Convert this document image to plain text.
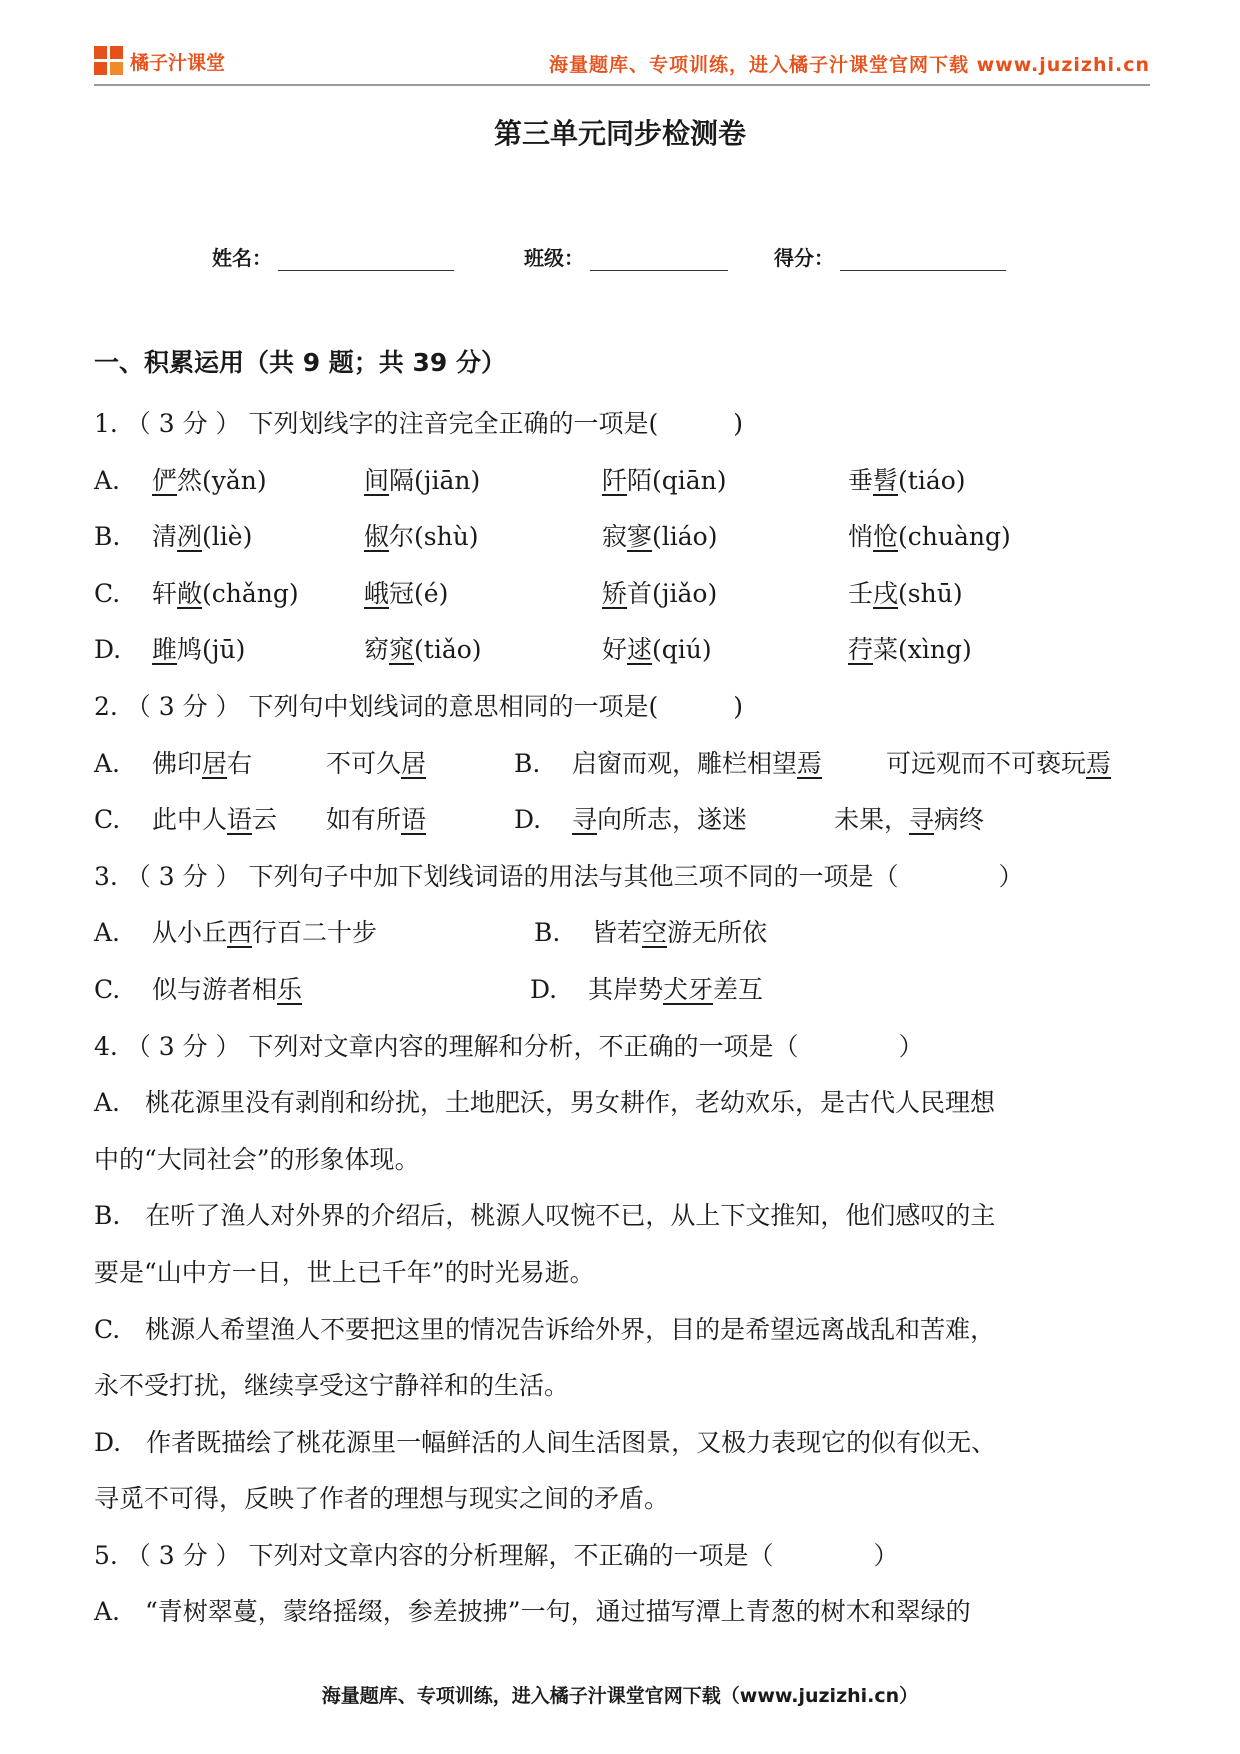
橘子汁课堂	海量题库、专项训练，进入橘子汁课堂官网下载 www.juzizhi.cn
第三单元同步检测卷
姓名：	班级：	得分：
一、积累运用（共 9 题；共 39 分）
1. （ 3 分 ） 下列划线字的注音完全正确的一项是(　　　)
A. 俨然(yǎn)	间隔(jiān)	阡陌(qiān)	垂髫(tiáo)
B. 清冽(liè)	俶尔(shù)	寂寥(liáo)	悄怆(chuàng)
C. 轩敞(chǎng)	峨冠(é)	矫首(jiǎo)	壬戌(shū)
D. 雎鸠(jū)	窈窕(tiǎo)	好逑(qiú)	荇菜(xìng)
2. （ 3 分 ） 下列句中划线词的意思相同的一项是(　　　)
A. 佛印居右	不可久居	B. 启窗而观，雕栏相望焉	可远观而不可亵玩焉
C. 此中人语云 如有所语	D. 寻向所志，遂迷	未果，寻病终
3. （ 3 分 ） 下列句子中加下划线词语的用法与其他三项不同的一项是（　　　　）
A. 从小丘西行百二十步	B. 皆若空游无所依
C. 似与游者相乐	D. 其岸势犬牙差互
4. （ 3 分 ） 下列对文章内容的理解和分析，不正确的一项是（　　　　）
A.　桃花源里没有剥削和纷扰，土地肥沃，男女耕作，老幼欢乐，是古代人民理想
中的“大同社会”的形象体现。
B.　在听了渔人对外界的介绍后，桃源人叹惋不已，从上下文推知，他们感叹的主
要是“山中方一日，世上已千年”的时光易逝。
C.　桃源人希望渔人不要把这里的情况告诉给外界，目的是希望远离战乱和苦难，
永不受打扰，继续享受这宁静祥和的生活。
D.　作者既描绘了桃花源里一幅鲜活的人间生活图景，又极力表现它的似有似无、
寻觅不可得，反映了作者的理想与现实之间的矛盾。
5. （ 3 分 ） 下列对文章内容的分析理解，不正确的一项是（　　　　）
A.　“青树翠蔓，蒙络摇缀，参差披拂”一句，通过描写潭上青葱的树木和翠绿的
海量题库、专项训练，进入橘子汁课堂官网下载（www.juzizhi.cn）
